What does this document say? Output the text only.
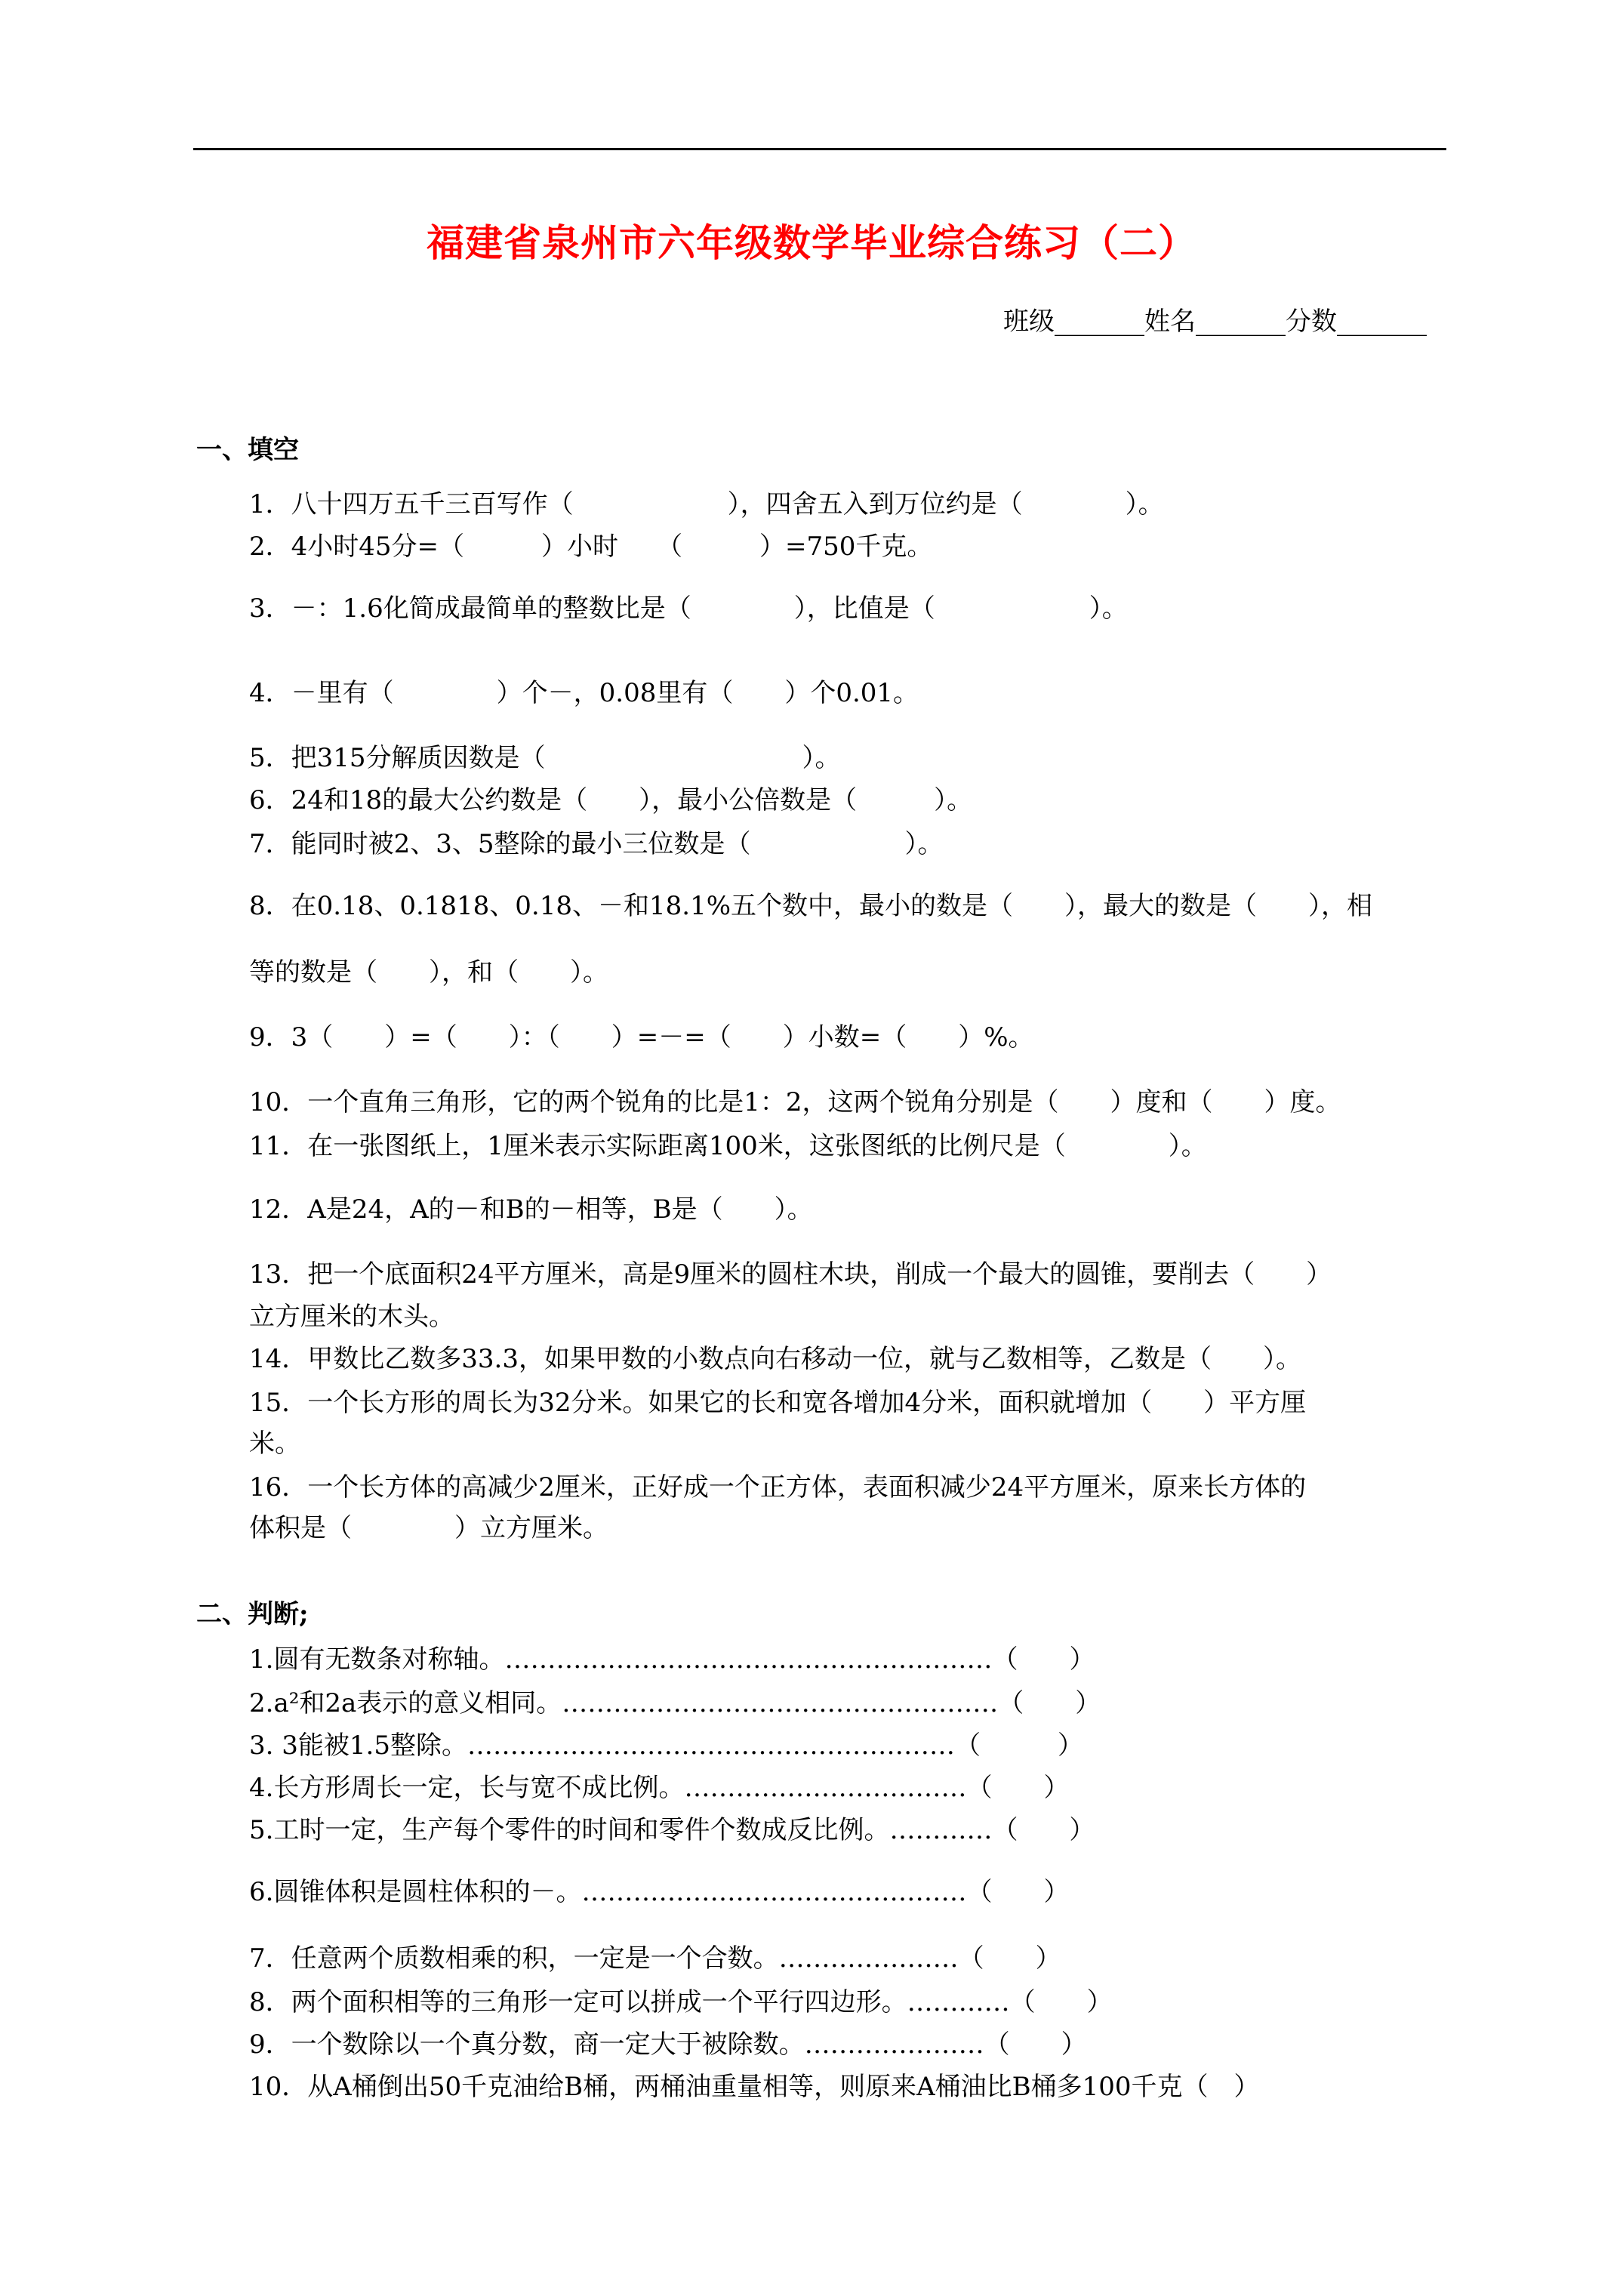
福建省泉州市六年级数学毕业综合练习（二）
班级_______姓名_______分数_______
一、填空
1．八十四万五千三百写作（　　　　　　），四舍五入到万位约是（　　　　）。
2．4小时45分=（　　　）小时　　（　　　）=750千克。
3．－：1.6化简成最简单的整数比是（　　　　），比值是（　　　　　　）。
4．－里有（　　　　）个－，0.08里有（　　）个0.01。
5．把315分解质因数是（　　　　　　　　　　）。
6．24和18的最大公约数是（　　），最小公倍数是（　　　）。
7．能同时被2、3、5整除的最小三位数是（　　　　　　）。
8．在0.18、0.1818、0.18、－和18.1%五个数中，最小的数是（　　），最大的数是（　　），相
等的数是（　　），和（　　）。
9．3（　　）=（　　）：（　　）=－=（　　）小数=（　　）%。
10．一个直角三角形，它的两个锐角的比是1：2，这两个锐角分别是（　　）度和（　　）度。
11．在一张图纸上，1厘米表示实际距离100米，这张图纸的比例尺是（　　　　）。
12．A是24，A的－和B的－相等，B是（　　）。
13．把一个底面积24平方厘米，高是9厘米的圆柱木块，削成一个最大的圆锥，要削去（　　）
立方厘米的木头。
14．甲数比乙数多33.3，如果甲数的小数点向右移动一位，就与乙数相等，乙数是（　　）。
15．一个长方形的周长为32分米。如果它的长和宽各增加4分米，面积就增加（　　）平方厘
米。
16．一个长方体的高减少2厘米，正好成一个正方体，表面积减少24平方厘米，原来长方体的
体积是（　　　　）立方厘米。
二、判断;
1.圆有无数条对称轴。…………………………………………………（　　）
2.a²和2a表示的意义相同。……………………………………………（　　）
3. 3能被1.5整除。…………………………………………………（　　　）
4.长方形周长一定，长与宽不成比例。……………………………（　　）
5.工时一定，生产每个零件的时间和零件个数成反比例。…………（　　）
6.圆锥体积是圆柱体积的－。………………………………………（　　）
7．任意两个质数相乘的积，一定是一个合数。…………………（　　）
8．两个面积相等的三角形一定可以拼成一个平行四边形。…………（　　）
9．一个数除以一个真分数，商一定大于被除数。…………………（　　）
10．从A桶倒出50千克油给B桶，两桶油重量相等，则原来A桶油比B桶多100千克（　）
